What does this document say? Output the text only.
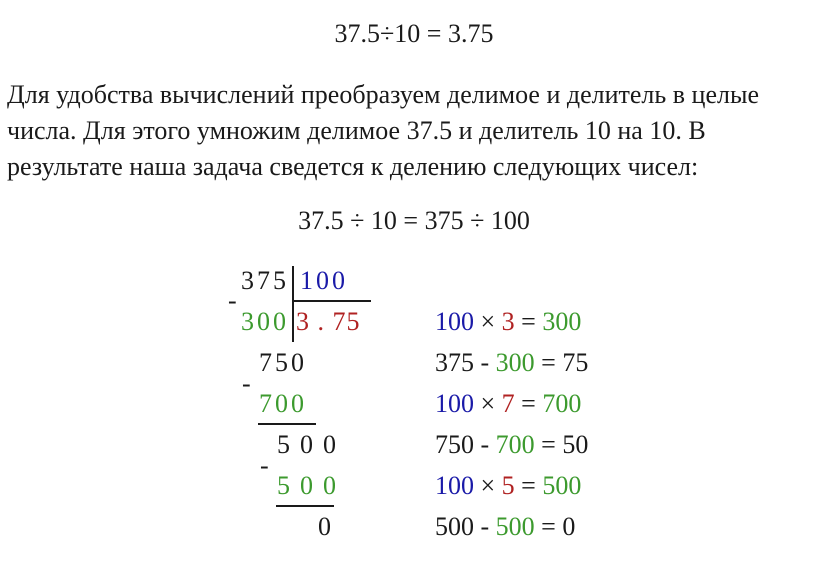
37.5÷10 = 3.75
Для удобства вычислений преобразуем делимое и делитель в целые
числа. Для этого умножим делимое 37.5 и делитель 10 на 10. В
результате наша задача сведется к делению следующих чисел:
37.5 ÷ 10 = 375 ÷ 100
375 100
-
300 3 . 75
750
-
700
500
-
500
0
100 × 3 = 300
375 - 300 = 75
100 × 7 = 700
750 - 700 = 50
100 × 5 = 500
500 - 500 = 0
